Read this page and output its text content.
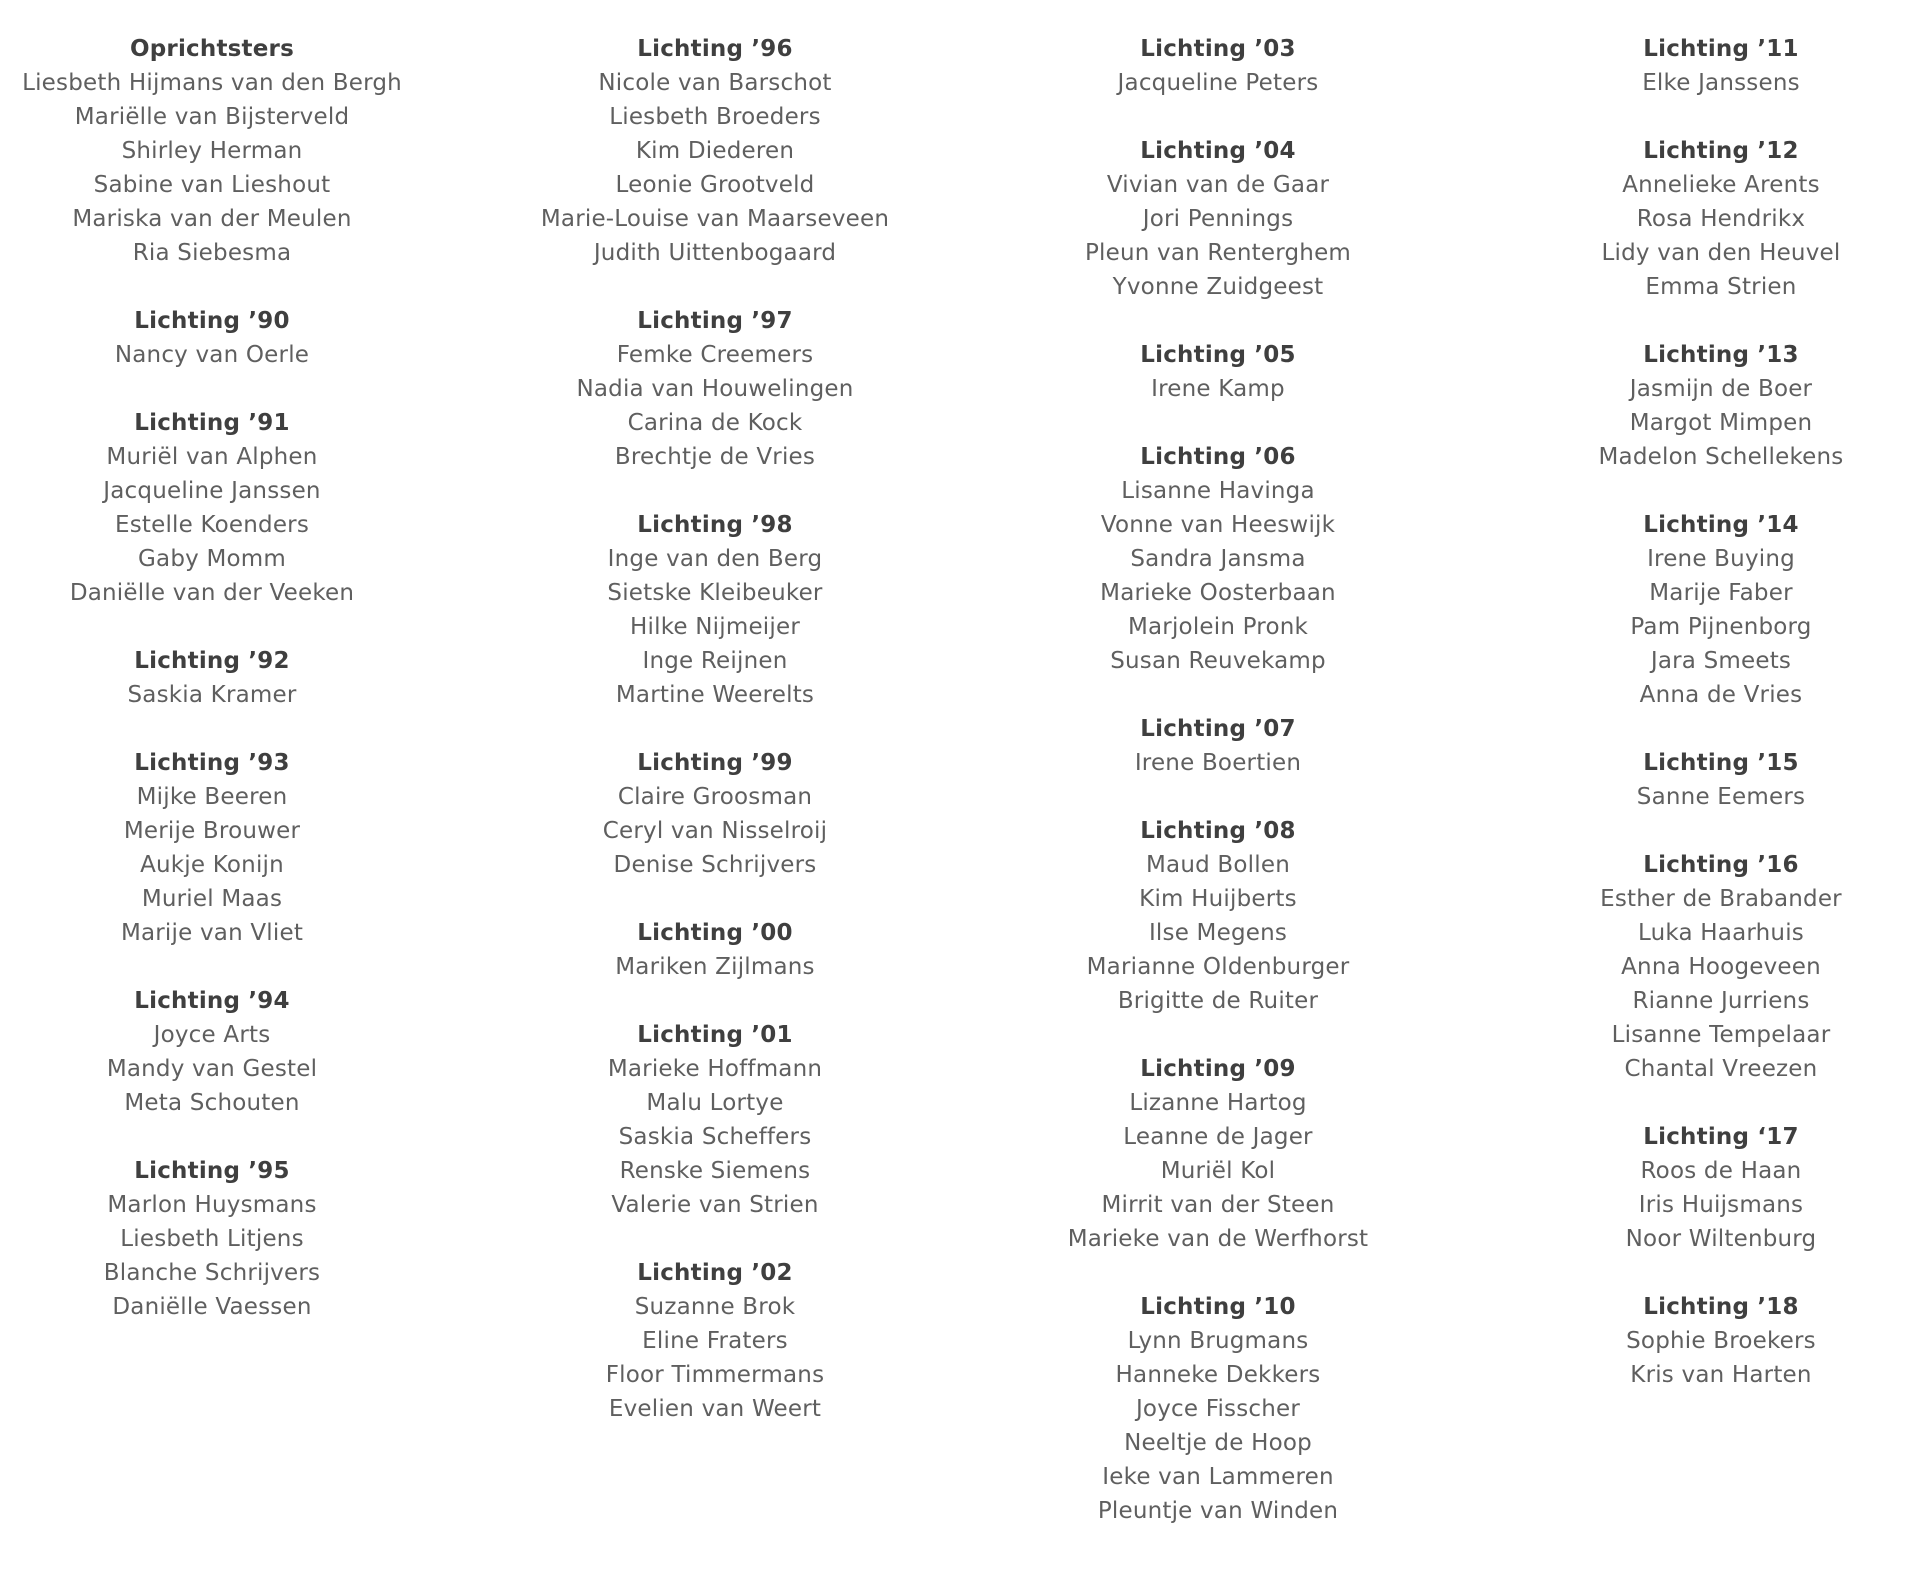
Oprichtsters
Liesbeth Hijmans van den Bergh
Mariëlle van Bijsterveld
Shirley Herman
Sabine van Lieshout
Mariska van der Meulen
Ria Siebesma
Lichting ’90
Nancy van Oerle
Lichting ’91
Muriël van Alphen
Jacqueline Janssen
Estelle Koenders
Gaby Momm
Daniëlle van der Veeken
Lichting ’92
Saskia Kramer
Lichting ’93
Mijke Beeren
Merije Brouwer
Aukje Konijn
Muriel Maas
Marije van Vliet
Lichting ’94
Joyce Arts
Mandy van Gestel
Meta Schouten
Lichting ’95
Marlon Huysmans
Liesbeth Litjens
Blanche Schrijvers
Daniëlle Vaessen
Lichting ’96
Nicole van Barschot
Liesbeth Broeders
Kim Diederen
Leonie Grootveld
Marie-Louise van Maarseveen
Judith Uittenbogaard
Lichting ’97
Femke Creemers
Nadia van Houwelingen
Carina de Kock
Brechtje de Vries
Lichting ’98
Inge van den Berg
Sietske Kleibeuker
Hilke Nijmeijer
Inge Reijnen
Martine Weerelts
Lichting ’99
Claire Groosman
Ceryl van Nisselroij
Denise Schrijvers
Lichting ’00
Mariken Zijlmans
Lichting ’01
Marieke Hoffmann
Malu Lortye
Saskia Scheffers
Renske Siemens
Valerie van Strien
Lichting ’02
Suzanne Brok
Eline Fraters
Floor Timmermans
Evelien van Weert
Lichting ’03
Jacqueline Peters
Lichting ’04
Vivian van de Gaar
Jori Pennings
Pleun van Renterghem
Yvonne Zuidgeest
Lichting ’05
Irene Kamp
Lichting ’06
Lisanne Havinga
Vonne van Heeswijk
Sandra Jansma
Marieke Oosterbaan
Marjolein Pronk
Susan Reuvekamp
Lichting ’07
Irene Boertien
Lichting ’08
Maud Bollen
Kim Huijberts
Ilse Megens
Marianne Oldenburger
Brigitte de Ruiter
Lichting ’09
Lizanne Hartog
Leanne de Jager
Muriël Kol
Mirrit van der Steen
Marieke van de Werfhorst
Lichting ’10
Lynn Brugmans
Hanneke Dekkers
Joyce Fisscher
Neeltje de Hoop
Ieke van Lammeren
Pleuntje van Winden
Lichting ’11
Elke Janssens
Lichting ’12
Annelieke Arents
Rosa Hendrikx
Lidy van den Heuvel
Emma Strien
Lichting ’13
Jasmijn de Boer
Margot Mimpen
Madelon Schellekens
Lichting ’14
Irene Buying
Marije Faber
Pam Pijnenborg
Jara Smeets
Anna de Vries
Lichting ’15
Sanne Eemers
Lichting ’16
Esther de Brabander
Luka Haarhuis
Anna Hoogeveen
Rianne Jurriens
Lisanne Tempelaar
Chantal Vreezen
Lichting ‘17
Roos de Haan
Iris Huijsmans
Noor Wiltenburg
Lichting ’18
Sophie Broekers
Kris van Harten
